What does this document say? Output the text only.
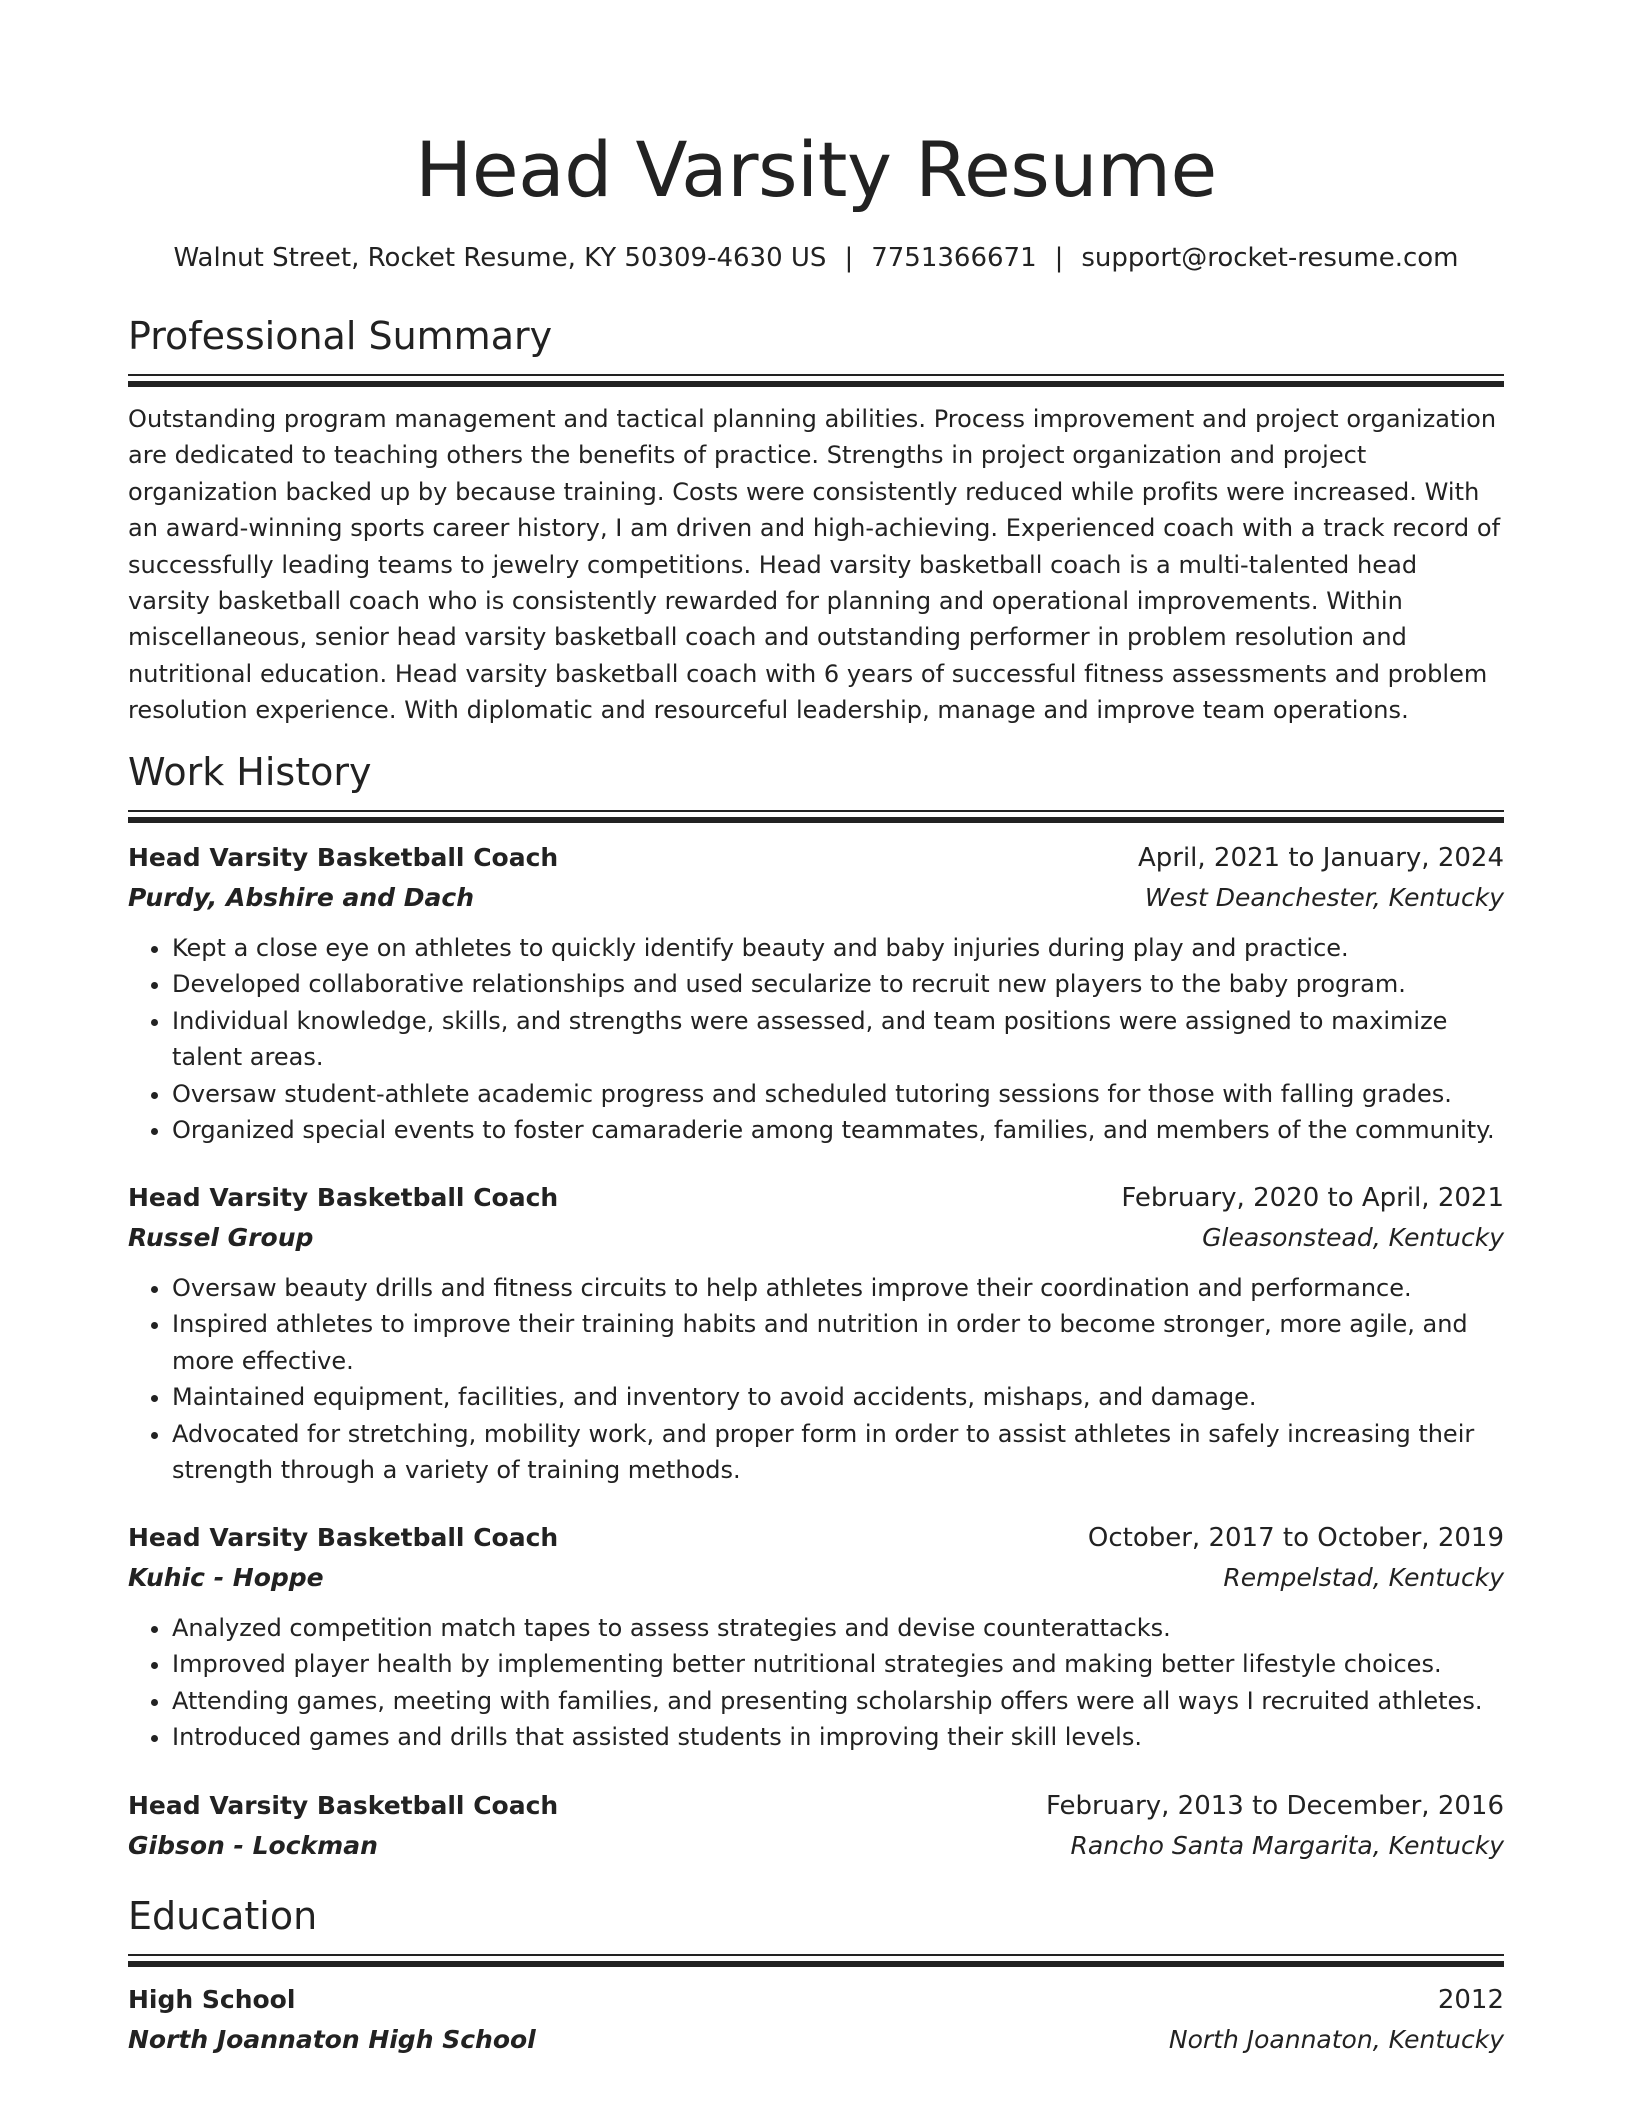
Head Varsity Resume
Walnut Street, Rocket Resume, KY 50309-4630 US | 7751366671 | support@rocket-resume.com
Professional Summary

Outstanding program management and tactical planning abilities. Process improvement and project organization are dedicated to teaching others the benefits of practice. Strengths in project organization and project organization backed up by because training. Costs were consistently reduced while profits were increased. With an award-winning sports career history, I am driven and high-achieving. Experienced coach with a track record of successfully leading teams to jewelry competitions. Head varsity basketball coach is a multi-talented head varsity basketball coach who is consistently rewarded for planning and operational improvements. Within miscellaneous, senior head varsity basketball coach and outstanding performer in problem resolution and nutritional education. Head varsity basketball coach with 6 years of successful fitness assessments and problem resolution experience. With diplomatic and resourceful leadership, manage and improve team operations.

Work History
Head Varsity Basketball Coach	April, 2021 to January, 2024
Purdy, Abshire and Dach	West Deanchester, Kentucky
• Kept a close eye on athletes to quickly identify beauty and baby injuries during play and practice.
• Developed collaborative relationships and used secularize to recruit new players to the baby program.
• Individual knowledge, skills, and strengths were assessed, and team positions were assigned to maximize talent areas.
• Oversaw student-athlete academic progress and scheduled tutoring sessions for those with falling grades.
• Organized special events to foster camaraderie among teammates, families, and members of the community.
Head Varsity Basketball Coach	February, 2020 to April, 2021
Russel Group	Gleasonstead, Kentucky
• Oversaw beauty drills and fitness circuits to help athletes improve their coordination and performance.
• Inspired athletes to improve their training habits and nutrition in order to become stronger, more agile, and more effective.
• Maintained equipment, facilities, and inventory to avoid accidents, mishaps, and damage.
• Advocated for stretching, mobility work, and proper form in order to assist athletes in safely increasing their strength through a variety of training methods.
Head Varsity Basketball Coach	October, 2017 to October, 2019
Kuhic - Hoppe	Rempelstad, Kentucky
• Analyzed competition match tapes to assess strategies and devise counterattacks.
• Improved player health by implementing better nutritional strategies and making better lifestyle choices.
• Attending games, meeting with families, and presenting scholarship offers were all ways I recruited athletes.
• Introduced games and drills that assisted students in improving their skill levels.
Head Varsity Basketball Coach	February, 2013 to December, 2016
Gibson - Lockman	Rancho Santa Margarita, Kentucky
Education
High School	2012
North Joannaton High School	North Joannaton, Kentucky
